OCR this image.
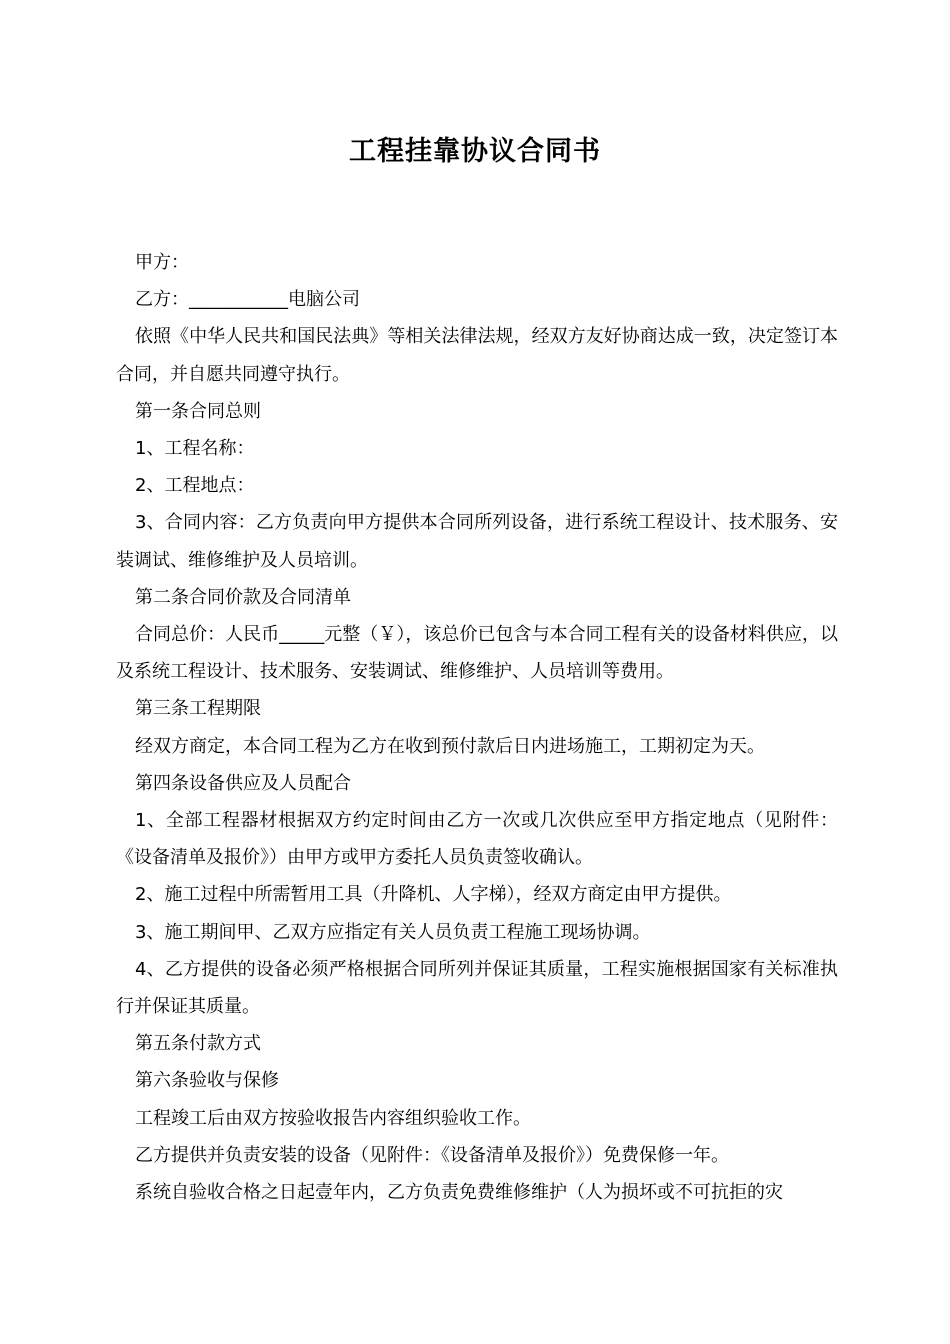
工程挂靠协议合同书

甲方：

乙方：___________电脑公司

依照《中华人民共和国民法典》等相关法律法规，经双方友好协商达成一致，决定签订本合同，并自愿共同遵守执行。

第一条合同总则

1、工程名称：

2、工程地点：

3、合同内容：乙方负责向甲方提供本合同所列设备，进行系统工程设计、技术服务、安装调试、维修维护及人员培训。

第二条合同价款及合同清单

合同总价：人民币_____元整（￥），该总价已包含与本合同工程有关的设备材料供应，以及系统工程设计、技术服务、安装调试、维修维护、人员培训等费用。

第三条工程期限

经双方商定，本合同工程为乙方在收到预付款后日内进场施工，工期初定为天。

第四条设备供应及人员配合

1、全部工程器材根据双方约定时间由乙方一次或几次供应至甲方指定地点（见附件：《设备清单及报价》）由甲方或甲方委托人员负责签收确认。

2、施工过程中所需暂用工具（升降机、人字梯），经双方商定由甲方提供。

3、施工期间甲、乙双方应指定有关人员负责工程施工现场协调。

4、乙方提供的设备必须严格根据合同所列并保证其质量，工程实施根据国家有关标准执行并保证其质量。

第五条付款方式

第六条验收与保修

工程竣工后由双方按验收报告内容组织验收工作。

乙方提供并负责安装的设备（见附件：《设备清单及报价》）免费保修一年。

系统自验收合格之日起壹年内，乙方负责免费维修维护（人为损坏或不可抗拒的灾
